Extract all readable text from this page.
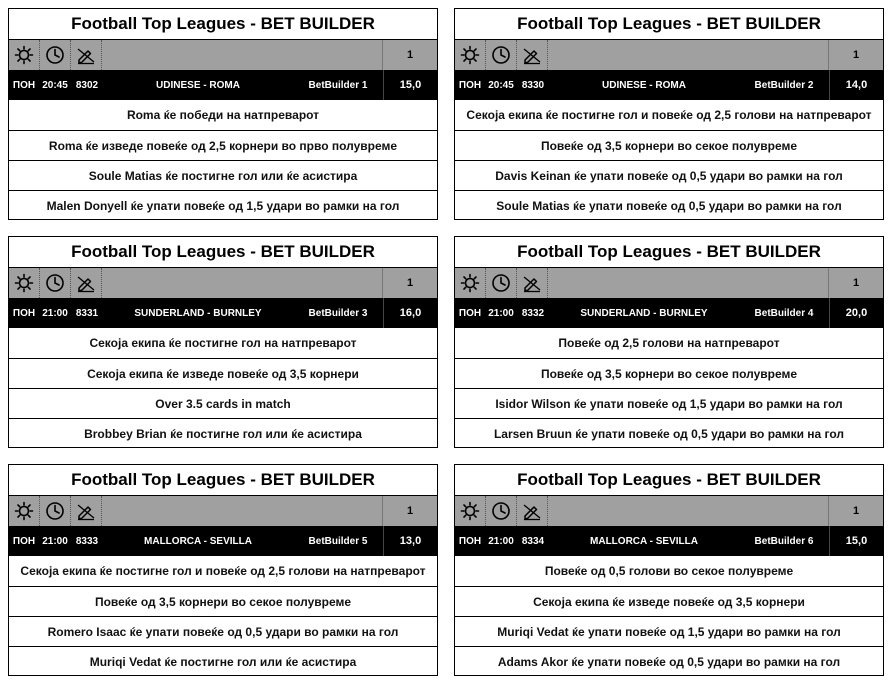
Football Top Leagues - BET BUILDER
1
ПОН 20:45 8302	UDINESE - ROMA	BetBuilder 1	15,0
Roma ќе победи на натпреварот
Roma ќе изведе повеќе од 2,5 корнери во прво полувреме
Soule Matias ќе постигне гол или ќе асистира
Malen Donyell ќе упати повеќе од 1,5 удари во рамки на гол
Football Top Leagues - BET BUILDER
1
ПОН 20:45 8330	UDINESE - ROMA	BetBuilder 2	14,0
Секоја екипа ќе постигне гол и повеќе од 2,5 голови на натпреварот
Повеќе од 3,5 корнери во секое полувреме
Davis Keinan ќе упати повеќе од 0,5 удари во рамки на гол
Soule Matias ќе упати повеќе од 0,5 удари во рамки на гол
Football Top Leagues - BET BUILDER
1
ПОН 21:00 8331	SUNDERLAND - BURNLEY	BetBuilder 3	16,0
Секоја екипа ќе постигне гол на натпреварот
Секоја екипа ќе изведе повеќе од 3,5 корнери
Over 3.5 cards in match
Brobbey Brian ќе постигне гол или ќе асистира
Football Top Leagues - BET BUILDER
1
ПОН 21:00 8332	SUNDERLAND - BURNLEY	BetBuilder 4	20,0
Повеќе од 2,5 голови на натпреварот
Повеќе од 3,5 корнери во секое полувреме
Isidor Wilson ќе упати повеќе од 1,5 удари во рамки на гол
Larsen Bruun ќе упати повеќе од 0,5 удари во рамки на гол
Football Top Leagues - BET BUILDER
1
ПОН 21:00 8333	MALLORCA - SEVILLA	BetBuilder 5	13,0
Секоја екипа ќе постигне гол и повеќе од 2,5 голови на натпреварот
Повеќе од 3,5 корнери во секое полувреме
Romero Isaac ќе упати повеќе од 0,5 удари во рамки на гол
Muriqi Vedat ќе постигне гол или ќе асистира
Football Top Leagues - BET BUILDER
1
ПОН 21:00 8334	MALLORCA - SEVILLA	BetBuilder 6	15,0
Повеќе од 0,5 голови во секое полувреме
Секоја екипа ќе изведе повеќе од 3,5 корнери
Muriqi Vedat ќе упати повеќе од 1,5 удари во рамки на гол
Adams Akor ќе упати повеќе од 0,5 удари во рамки на гол
